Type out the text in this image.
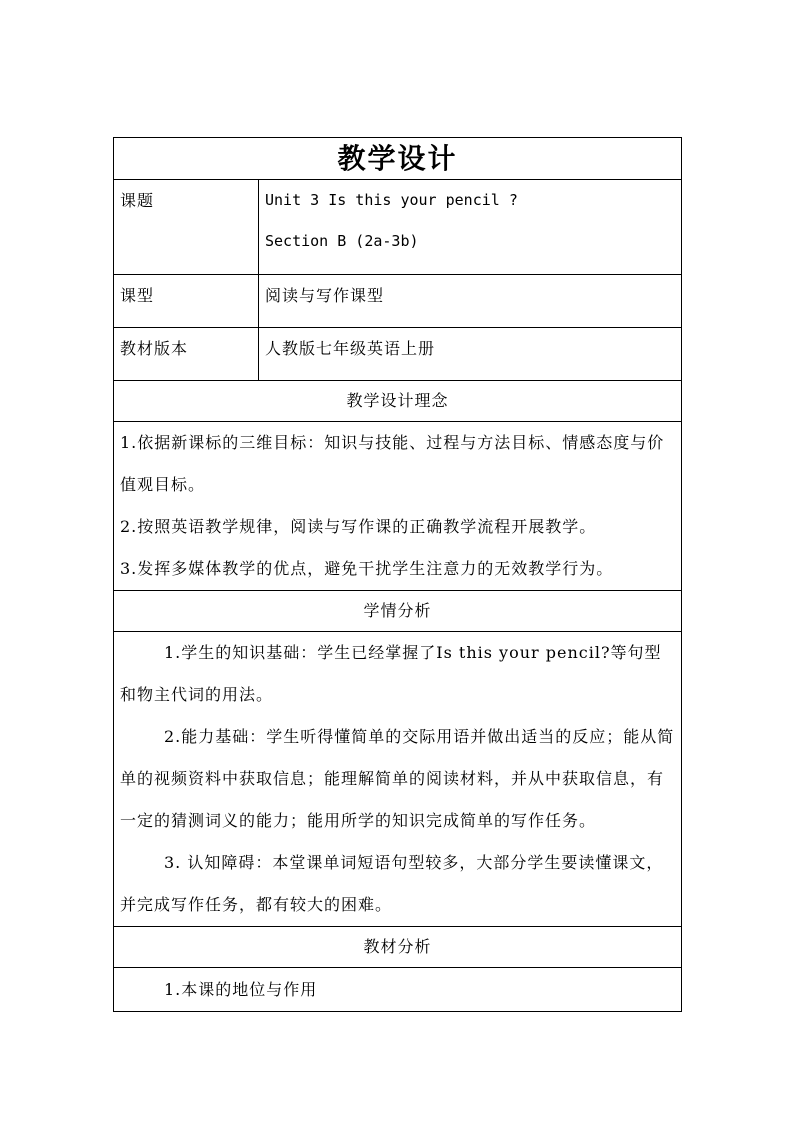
教学设计	
课题	Unit 3 Is this your pencil ?
Section B (2a-3b)

课型	阅读与写作课型

教材版本	人教版七年级英语上册

教学设计理念	

1.依据新课标的三维目标：知识与技能、过程与方法目标、情感态度与价值观目标。

2.按照英语教学规律，阅读与写作课的正确教学流程开展教学。

3.发挥多媒体教学的优点，避免干扰学生注意力的无效教学行为。	

学情分析	

1.学生的知识基础：学生已经掌握了Is this your pencil?等句型和物主代词的用法。

2.能力基础：学生听得懂简单的交际用语并做出适当的反应；能从简单的视频资料中获取信息；能理解简单的阅读材料，并从中获取信息，有一定的猜测词义的能力；能用所学的知识完成简单的写作任务。

3. 认知障碍：本堂课单词短语句型较多，大部分学生要读懂课文，并完成写作任务，都有较大的困难。	

教材分析	

1.本课的地位与作用	
